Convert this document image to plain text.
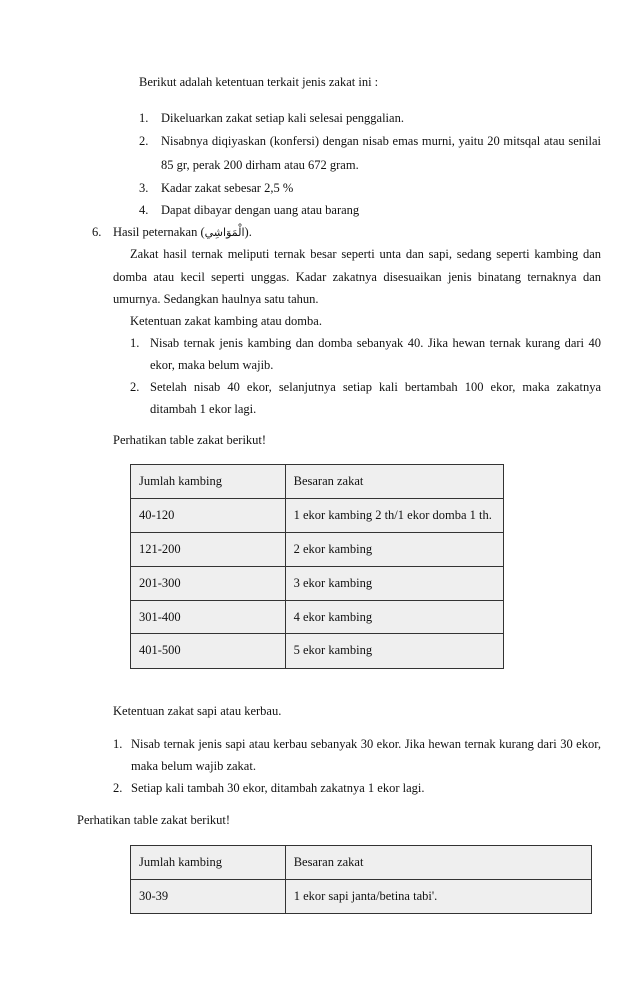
Berikut adalah ketentuan terkait jenis zakat ini :
1. Dikeluarkan zakat setiap kali selesai penggalian.
2. Nisabnya diqiyaskan (konfersi) dengan nisab emas murni, yaitu 20 mitsqal atau senilai
85 gr, perak 200 dirham atau 672 gram.
3. Kadar zakat sebesar 2,5 %
4. Dapat dibayar dengan uang atau barang
6. Hasil peternakan (الْمَوَاشِي).
Zakat hasil ternak meliputi ternak besar seperti unta dan sapi, sedang seperti kambing dan
domba atau kecil seperti unggas. Kadar zakatnya disesuaikan jenis binatang ternaknya dan
umurnya. Sedangkan haulnya satu tahun.
Ketentuan zakat kambing atau domba.
1. Nisab ternak jenis kambing dan domba sebanyak 40. Jika hewan ternak kurang dari 40
ekor, maka belum wajib.
2. Setelah nisab 40 ekor, selanjutnya setiap kali bertambah 100 ekor, maka zakatnya
ditambah 1 ekor lagi.
Perhatikan table zakat berikut!
Jumlah kambing	Besaran zakat
40-120	1 ekor kambing 2 th/1 ekor domba 1 th.
121-200	2 ekor kambing
201-300	3 ekor kambing
301-400	4 ekor kambing
401-500	5 ekor kambing
Ketentuan zakat sapi atau kerbau.
1. Nisab ternak jenis sapi atau kerbau sebanyak 30 ekor. Jika hewan ternak kurang dari 30 ekor,
maka belum wajib zakat.
2. Setiap kali tambah 30 ekor, ditambah zakatnya 1 ekor lagi.
Perhatikan table zakat berikut!
Jumlah kambing	Besaran zakat
30-39	1 ekor sapi janta/betina tabi'.
